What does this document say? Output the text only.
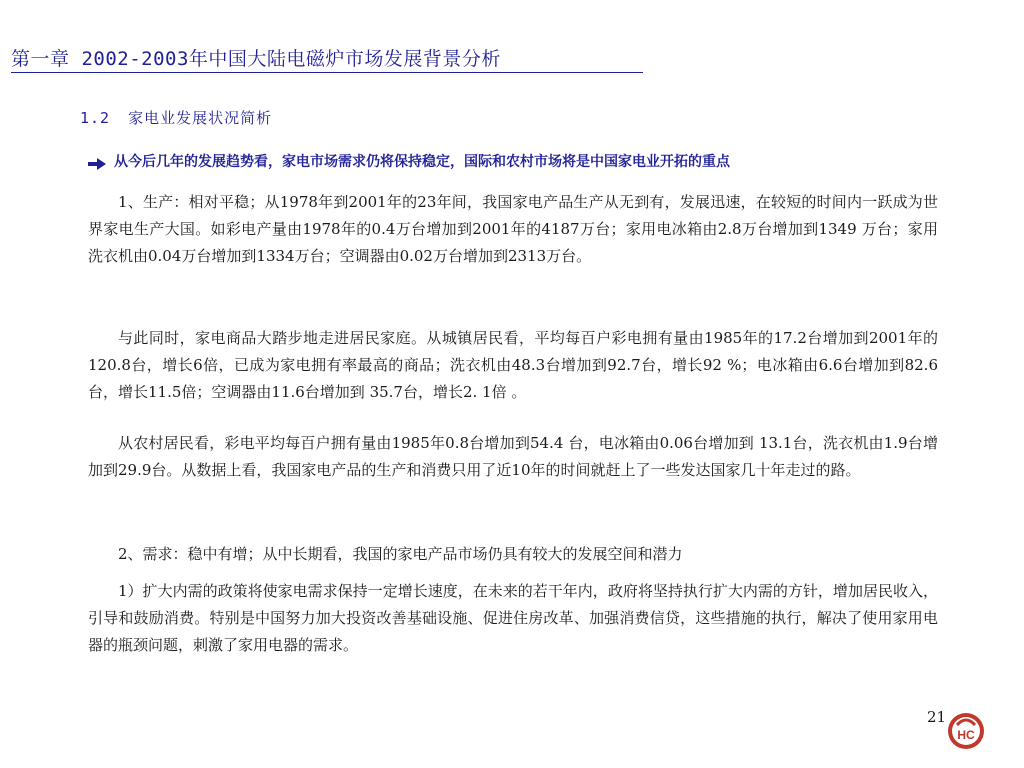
第一章 2002-2003年中国大陆电磁炉市场发展背景分析
1.2 家电业发展状况简析
从今后几年的发展趋势看，家电市场需求仍将保持稳定，国际和农村市场将是中国家电业开拓的重点

1、生产：相对平稳；从1978年到2001年的23年间，我国家电产品生产从无到有，发展迅速，在较短的时间内一跃成为世界家电生产大国。如彩电产量由1978年的0.4万台增加到2001年的4187万台；家用电冰箱由2.8万台增加到1349 万台；家用洗衣机由0.04万台增加到1334万台；空调器由0.02万台增加到2313万台。

与此同时，家电商品大踏步地走进居民家庭。从城镇居民看，平均每百户彩电拥有量由1985年的17.2台增加到2001年的120.8台，增长6倍，已成为家电拥有率最高的商品；洗衣机由48.3台增加到92.7台，增长92 %；电冰箱由6.6台增加到82.6台，增长11.5倍；空调器由11.6台增加到 35.7台，增长2. 1倍 。

从农村居民看，彩电平均每百户拥有量由1985年0.8台增加到54.4 台，电冰箱由0.06台增加到 13.1台，洗衣机由1.9台增加到29.9台。从数据上看，我国家电产品的生产和消费只用了近10年的时间就赶上了一些发达国家几十年走过的路。

2、需求：稳中有增；从中长期看，我国的家电产品市场仍具有较大的发展空间和潜力

1）扩大内需的政策将使家电需求保持一定增长速度，在未来的若干年内，政府将坚持执行扩大内需的方针，增加居民收入，引导和鼓励消费。特别是中国努力加大投资改善基础设施、促进住房改革、加强消费信贷，这些措施的执行，解决了使用家用电器的瓶颈问题，刺激了家用电器的需求。

21
HC
